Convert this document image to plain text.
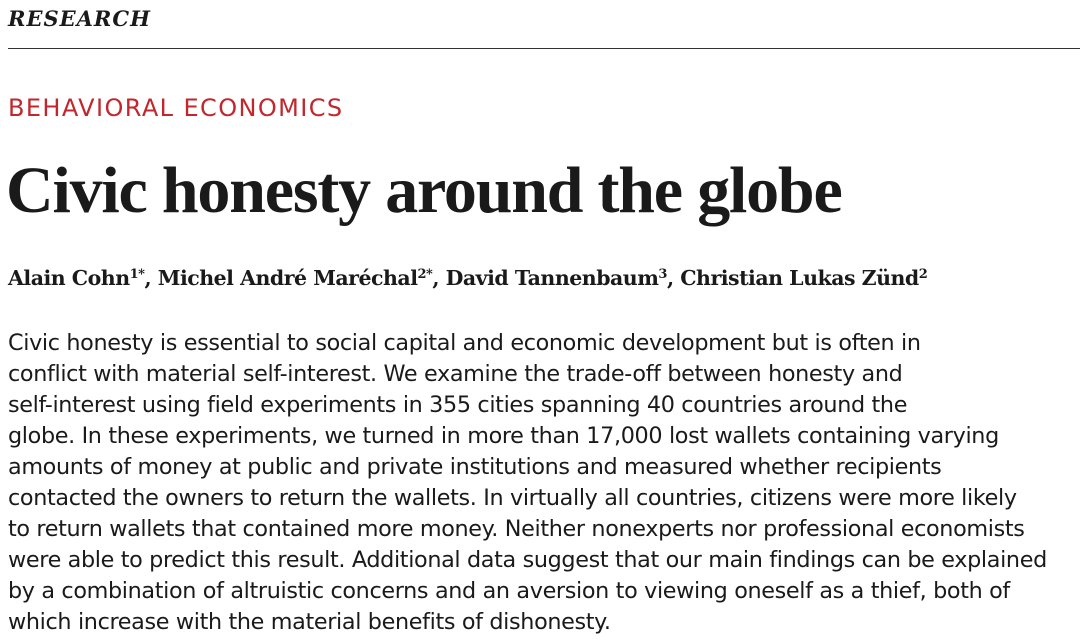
RESEARCH
BEHAVIORAL ECONOMICS
Civic honesty around the globe
Alain Cohn$^{1*}$, Michel André Maréchal$^{2*}$, David Tannenbaum$^3$, Christian Lukas Zünd$^2$
Civic honesty is essential to social capital and economic development but is often in
conflict with material self-interest. We examine the trade-off between honesty and
self-interest using field experiments in 355 cities spanning 40 countries around the
globe. In these experiments, we turned in more than 17,000 lost wallets containing varying
amounts of money at public and private institutions and measured whether recipients
contacted the owners to return the wallets. In virtually all countries, citizens were more likely
to return wallets that contained more money. Neither nonexperts nor professional economists
were able to predict this result. Additional data suggest that our main findings can be explained
by a combination of altruistic concerns and an aversion to viewing oneself as a thief, both of
which increase with the material benefits of dishonesty.
